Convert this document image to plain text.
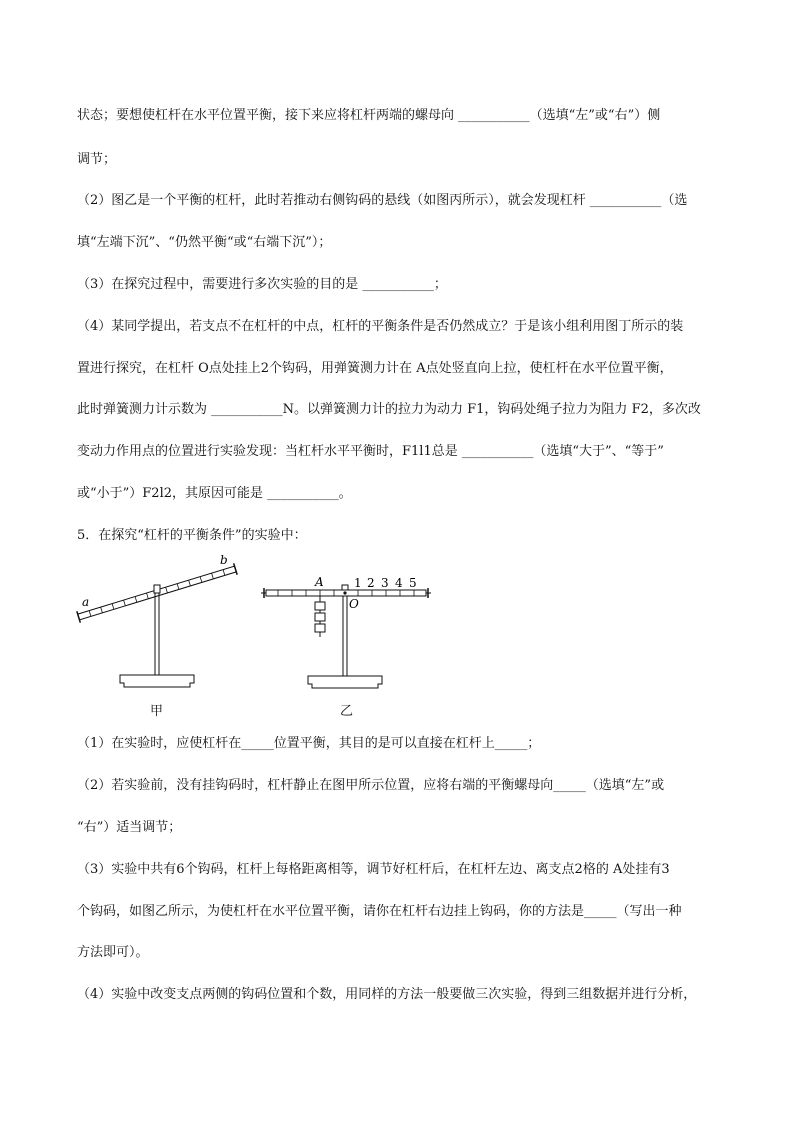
状态；要想使杠杆在水平位置平衡，接下来应将杠杆两端的螺母向 ___________（选填“左”或“右”）侧
调节；
（2）图乙是一个平衡的杠杆，此时若推动右侧钩码的悬线（如图丙所示），就会发现杠杆 ___________（选
填“左端下沉”、“仍然平衡“或“右端下沉”）；
（3）在探究过程中，需要进行多次实验的目的是 ___________；
（4）某同学提出，若支点不在杠杆的中点，杠杆的平衡条件是否仍然成立？于是该小组利用图丁所示的装
置进行探究，在杠杆 O点处挂上2个钩码，用弹簧测力计在 A点处竖直向上拉，使杠杆在水平位置平衡，
此时弹簧测力计示数为 ___________N。以弹簧测力计的拉力为动力 F1，钩码处绳子拉力为阻力 F2，多次改
变动力作用点的位置进行实验发现：当杠杆水平平衡时，F1l1总是 ___________（选填“大于”、“等于”
或“小于”）F2l2，其原因可能是 ___________。
5．在探究“杠杆的平衡条件”的实验中：
a
b
甲
A
O
1 2 3 4 5
乙
（1）在实验时，应使杠杆在_____位置平衡，其目的是可以直接在杠杆上_____；
（2）若实验前，没有挂钩码时，杠杆静止在图甲所示位置，应将右端的平衡螺母向_____（选填“左”或
“右”）适当调节；
（3）实验中共有6个钩码，杠杆上每格距离相等，调节好杠杆后，在杠杆左边、离支点2格的 A处挂有3
个钩码，如图乙所示，为使杠杆在水平位置平衡，请你在杠杆右边挂上钩码，你的方法是_____（写出一种
方法即可）。
（4）实验中改变支点两侧的钩码位置和个数，用同样的方法一般要做三次实验，得到三组数据并进行分析，
